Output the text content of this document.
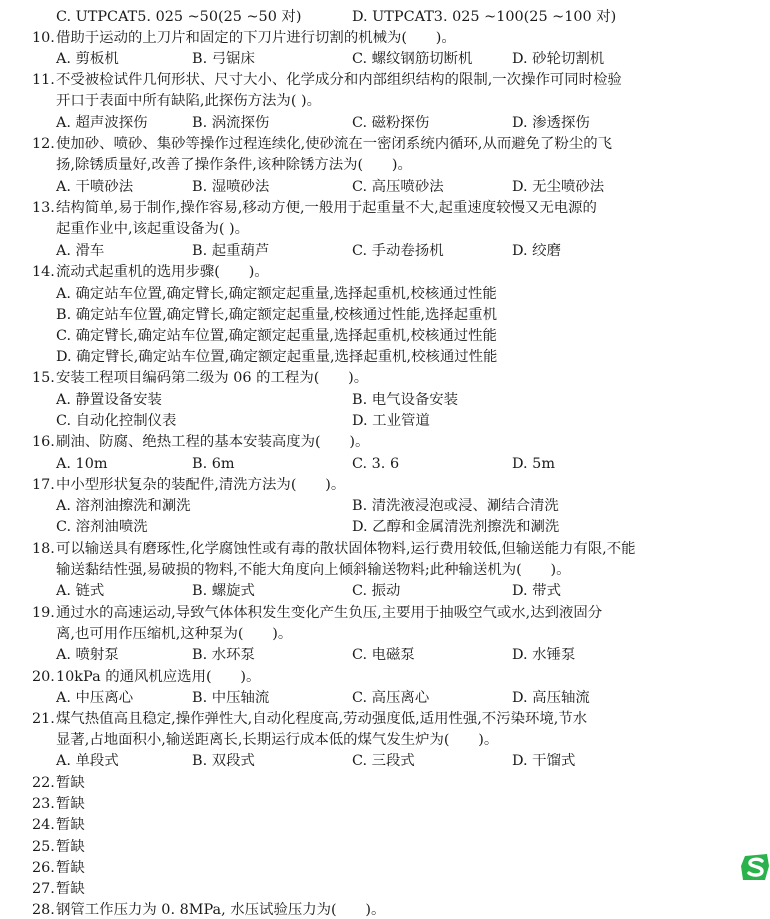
C. UTPCAT5. 025 ~50(25 ~50 对)	D. UTPCAT3. 025 ~100(25 ~100 对)
10. 借助于运动的上刀片和固定的下刀片进行切割的机械为(　　)。
A. 剪板机	B. 弓锯床	C. 螺纹钢筋切断机	D. 砂轮切割机
11. 不受被检试件几何形状、尺寸大小、化学成分和内部组织结构的限制,一次操作可同时检验
开口于表面中所有缺陷,此探伤方法为( )。
A. 超声波探伤	B. 涡流探伤	C. 磁粉探伤	D. 渗透探伤
12. 使加砂、喷砂、集砂等操作过程连续化,使砂流在一密闭系统内循环,从而避免了粉尘的飞
扬,除锈质量好,改善了操作条件,该种除锈方法为(　　)。
A. 干喷砂法	B. 湿喷砂法	C. 高压喷砂法	D. 无尘喷砂法
13. 结构简单,易于制作,操作容易,移动方便,一般用于起重量不大,起重速度较慢又无电源的
起重作业中,该起重设备为( )。
A. 滑车	B. 起重葫芦	C. 手动卷扬机	D. 绞磨
14. 流动式起重机的选用步骤(　　)。
A. 确定站车位置,确定臂长,确定额定起重量,选择起重机,校核通过性能
B. 确定站车位置,确定臂长,确定额定起重量,校核通过性能,选择起重机
C. 确定臂长,确定站车位置,确定额定起重量,选择起重机,校核通过性能
D. 确定臂长,确定站车位置,确定额定起重量,选择起重机,校核通过性能
15. 安装工程项目编码第二级为 06 的工程为(　　)。
A. 静置设备安装	B. 电气设备安装
C. 自动化控制仪表	D. 工业管道
16. 刷油、防腐、绝热工程的基本安装高度为(　　)。
A. 10m	B. 6m	C. 3. 6	D. 5m
17. 中小型形状复杂的装配件,清洗方法为(　　)。
A. 溶剂油擦洗和涮洗	B. 清洗液浸泡或浸、涮结合清洗
C. 溶剂油喷洗	D. 乙醇和金属清洗剂擦洗和涮洗
18. 可以输送具有磨琢性,化学腐蚀性或有毒的散状固体物料,运行费用较低,但输送能力有限,不能
输送黏结性强,易破损的物料,不能大角度向上倾斜输送物料;此种输送机为(　　)。
A. 链式	B. 螺旋式	C. 振动	D. 带式
19. 通过水的高速运动,导致气体体积发生变化产生负压,主要用于抽吸空气或水,达到液固分
离,也可用作压缩机,这种泵为(　　)。
A. 喷射泵	B. 水环泵	C. 电磁泵	D. 水锤泵
20. 10kPa 的通风机应选用(　　)。
A. 中压离心	B. 中压轴流	C. 高压离心	D. 高压轴流
21. 煤气热值高且稳定,操作弹性大,自动化程度高,劳动强度低,适用性强,不污染环境,节水
显著,占地面积小,输送距离长,长期运行成本低的煤气发生炉为(　　)。
A. 单段式	B. 双段式	C. 三段式	D. 干馏式
22. 暂缺
23. 暂缺
24. 暂缺
25. 暂缺
26. 暂缺
27. 暂缺
28. 钢管工作压力为 0. 8MPa, 水压试验压力为(　　)。
